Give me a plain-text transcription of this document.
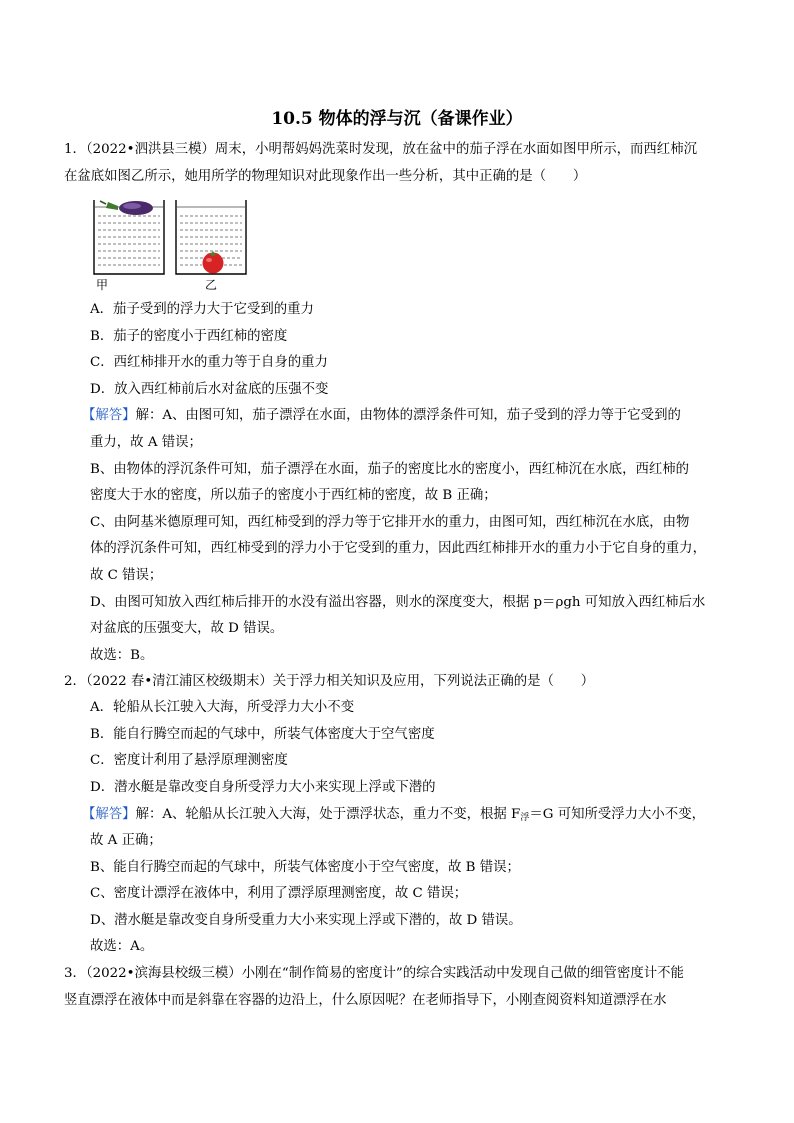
10.5 物体的浮与沉（备课作业）
1．（2022•泗洪县三模）周末，小明帮妈妈洗菜时发现，放在盆中的茄子浮在水面如图甲所示，而西红柿沉
在盆底如图乙所示，她用所学的物理知识对此现象作出一些分析，其中正确的是（　　）
甲	乙
A．茄子受到的浮力大于它受到的重力
B．茄子的密度小于西红柿的密度
C．西红柿排开水的重力等于自身的重力
D．放入西红柿前后水对盆底的压强不变
【解答】解：A、由图可知，茄子漂浮在水面，由物体的漂浮条件可知，茄子受到的浮力等于它受到的
重力，故 A 错误；
B、由物体的浮沉条件可知，茄子漂浮在水面，茄子的密度比水的密度小，西红柿沉在水底，西红柿的
密度大于水的密度，所以茄子的密度小于西红柿的密度，故 B 正确；
C、由阿基米德原理可知，西红柿受到的浮力等于它排开水的重力，由图可知，西红柿沉在水底，由物
体的浮沉条件可知，西红柿受到的浮力小于它受到的重力，因此西红柿排开水的重力小于它自身的重力，
故 C 错误；
D、由图可知放入西红柿后排开的水没有溢出容器，则水的深度变大，根据 p＝ρgh 可知放入西红柿后水
对盆底的压强变大，故 D 错误。
故选：B。
2．（2022 春•清江浦区校级期末）关于浮力相关知识及应用，下列说法正确的是（　　）
A．轮船从长江驶入大海，所受浮力大小不变
B．能自行腾空而起的气球中，所装气体密度大于空气密度
C．密度计利用了悬浮原理测密度
D．潜水艇是靠改变自身所受浮力大小来实现上浮或下潜的
【解答】解：A、轮船从长江驶入大海，处于漂浮状态，重力不变，根据 $F_浮=G$ 可知所受浮力大小不变，
故 A 正确；
B、能自行腾空而起的气球中，所装气体密度小于空气密度，故 B 错误；
C、密度计漂浮在液体中，利用了漂浮原理测密度，故 C 错误；
D、潜水艇是靠改变自身所受重力大小来实现上浮或下潜的，故 D 错误。
故选：A。
3．（2022•滨海县校级三模）小刚在“制作简易的密度计”的综合实践活动中发现自己做的细管密度计不能
竖直漂浮在液体中而是斜靠在容器的边沿上，什么原因呢？在老师指导下，小刚查阅资料知道漂浮在水
